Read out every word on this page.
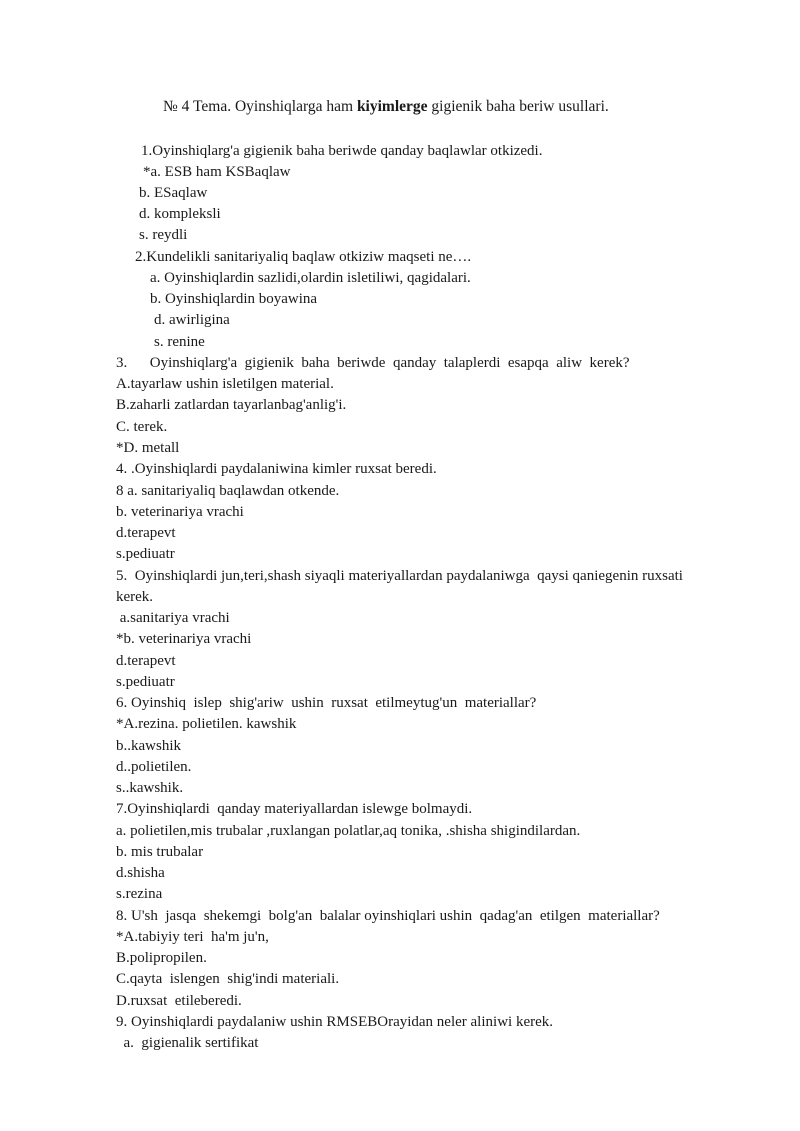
№ 4 Tema. Oyinshiqlarga ham kiyimlerge gigienik baha beriw usullari.
1.Oyinshiqlarg'a gigienik baha beriwde qanday baqlawlar otkizedi.
*a. ESB ham KSBaqlaw
b. ESaqlaw
d. kompleksli
s. reydli
2.Kundelikli sanitariyaliq baqlaw otkiziw maqseti ne….
a. Oyinshiqlardin sazlidi,olardin isletiliwi, qagidalari.
b. Oyinshiqlardin boyawina
d. awirligina
s. renine
3.      Oyinshiqlarg'a  gigienik  baha  beriwde  qanday  talaplerdi  esapqa  aliw  kerek?
A.tayarlaw ushin isletilgen material.
B.zaharli zatlardan tayarlanbag'anlig'i.
C. terek.
*D. metall
4. .Oyinshiqlardi paydalaniwina kimler ruxsat beredi.
8 a. sanitariyaliq baqlawdan otkende.
b. veterinariya vrachi
d.terapevt
s.pediuatr
5.  Oyinshiqlardi jun,teri,shash siyaqli materiyallardan paydalaniwga  qaysi qaniegenin ruxsati
kerek.
a.sanitariya vrachi
*b. veterinariya vrachi
d.terapevt
s.pediuatr
6. Oyinshiq  islep  shig'ariw  ushin  ruxsat  etilmeytug'un  materiallar?
*A.rezina. polietilen. kawshik
b..kawshik
d..polietilen.
s..kawshik.
7.Oyinshiqlardi  qanday materiyallardan islewge bolmaydi.
a. polietilen,mis trubalar ,ruxlangan polatlar,aq tonika, .shisha shigindilardan.
b. mis trubalar
d.shisha
s.rezina
8. U'sh  jasqa  shekemgi  bolg'an  balalar oyinshiqlari ushin  qadag'an  etilgen  materiallar?
*A.tabiyiy teri  ha'm ju'n,
B.polipropilen.
C.qayta  islengen  shig'indi materiali.
D.ruxsat  etileberedi.
9. Oyinshiqlardi paydalaniw ushin RMSEBOrayidan neler aliniwi kerek.
a.  gigienalik sertifikat
